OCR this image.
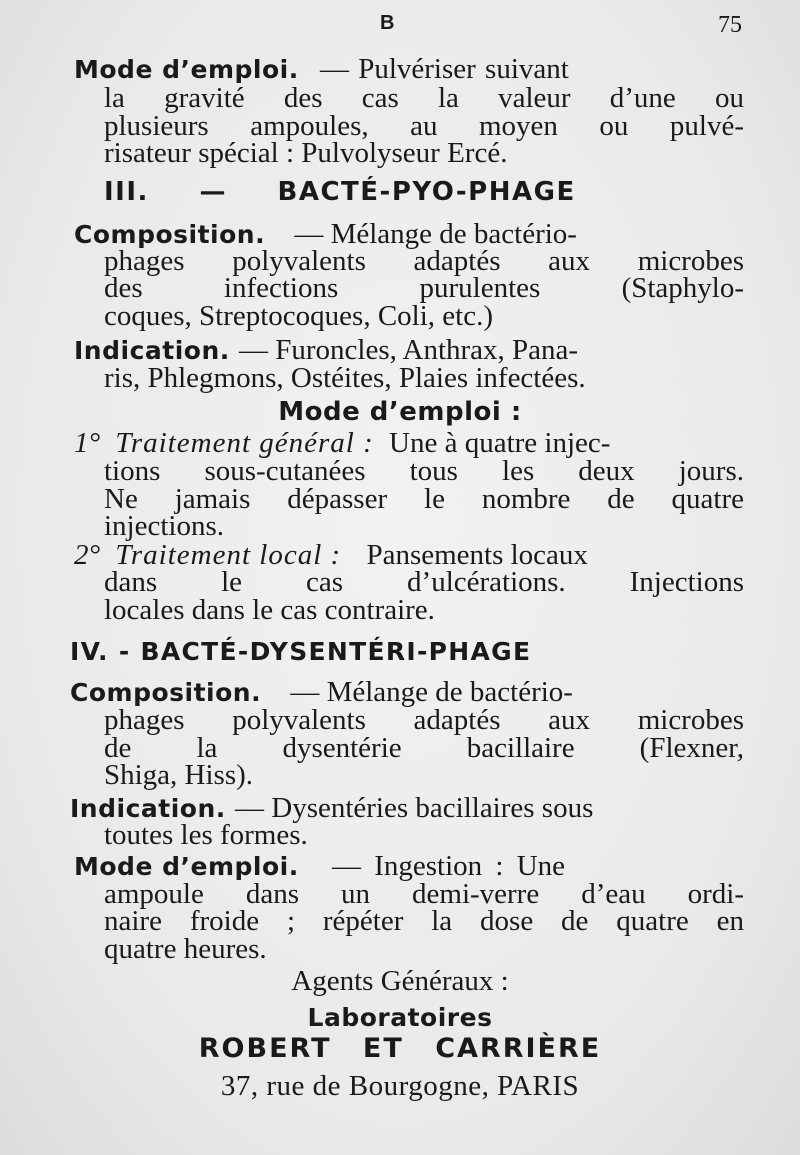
B	75
Mode d’emploi. — Pulvériser suivant
la gravité des cas la valeur d’une ou
plusieurs ampoules, au moyen ou pulvé-
risateur spécial : Pulvolyseur Ercé.
III. — BACTÉ-PYO-PHAGE
Composition. — Mélange de bactério-
phages polyvalents adaptés aux microbes
des infections purulentes (Staphylo-
coques, Streptocoques, Coli, etc.)
Indication. — Furoncles, Anthrax, Pana-
ris, Phlegmons, Ostéites, Plaies infectées.
Mode d’emploi :
1° Traitement général : Une à quatre injec-
tions sous-cutanées tous les deux jours.
Ne jamais dépasser le nombre de quatre
injections.
2° Traitement local : Pansements locaux
dans le cas d’ulcérations. Injections
locales dans le cas contraire.
IV. - BACTÉ-DYSENTÉRI-PHAGE
Composition. — Mélange de bactério-
phages polyvalents adaptés aux microbes
de la dysentérie bacillaire (Flexner,
Shiga, Hiss).
Indication. — Dysentéries bacillaires sous
toutes les formes.
Mode d’emploi. — Ingestion : Une
ampoule dans un demi-verre d’eau ordi-
naire froide ; répéter la dose de quatre en
quatre heures.
Agents Généraux :
Laboratoires
ROBERT ET CARRIÈRE
37, rue de Bourgogne, PARIS
